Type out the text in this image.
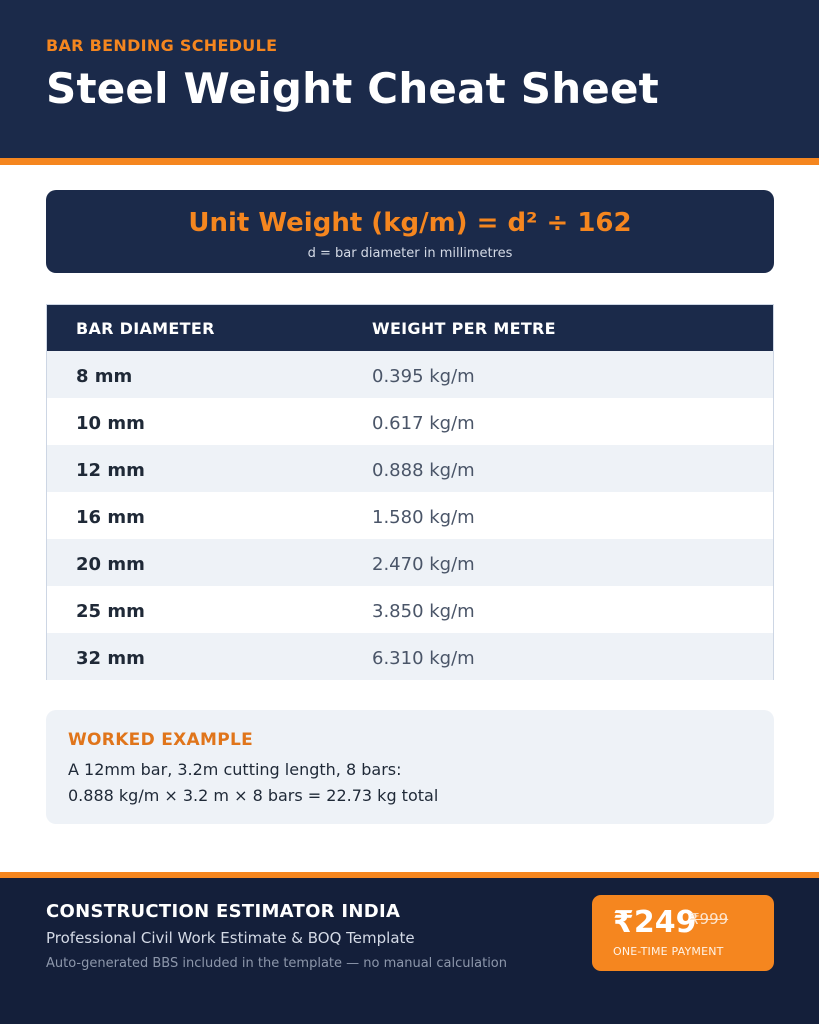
BAR BENDING SCHEDULE
Steel Weight Cheat Sheet
Unit Weight (kg/m) = d² ÷ 162
d = bar diameter in millimetres
BAR DIAMETER	WEIGHT PER METRE
8 mm	0.395 kg/m
10 mm	0.617 kg/m
12 mm	0.888 kg/m
16 mm	1.580 kg/m
20 mm	2.470 kg/m
25 mm	3.850 kg/m
32 mm	6.310 kg/m
WORKED EXAMPLE
A 12mm bar, 3.2m cutting length, 8 bars:
0.888 kg/m × 3.2 m × 8 bars = 22.73 kg total
CONSTRUCTION ESTIMATOR INDIA
Professional Civil Work Estimate & BOQ Template
Auto-generated BBS included in the template — no manual calculation
₹249
₹999
ONE-TIME PAYMENT
